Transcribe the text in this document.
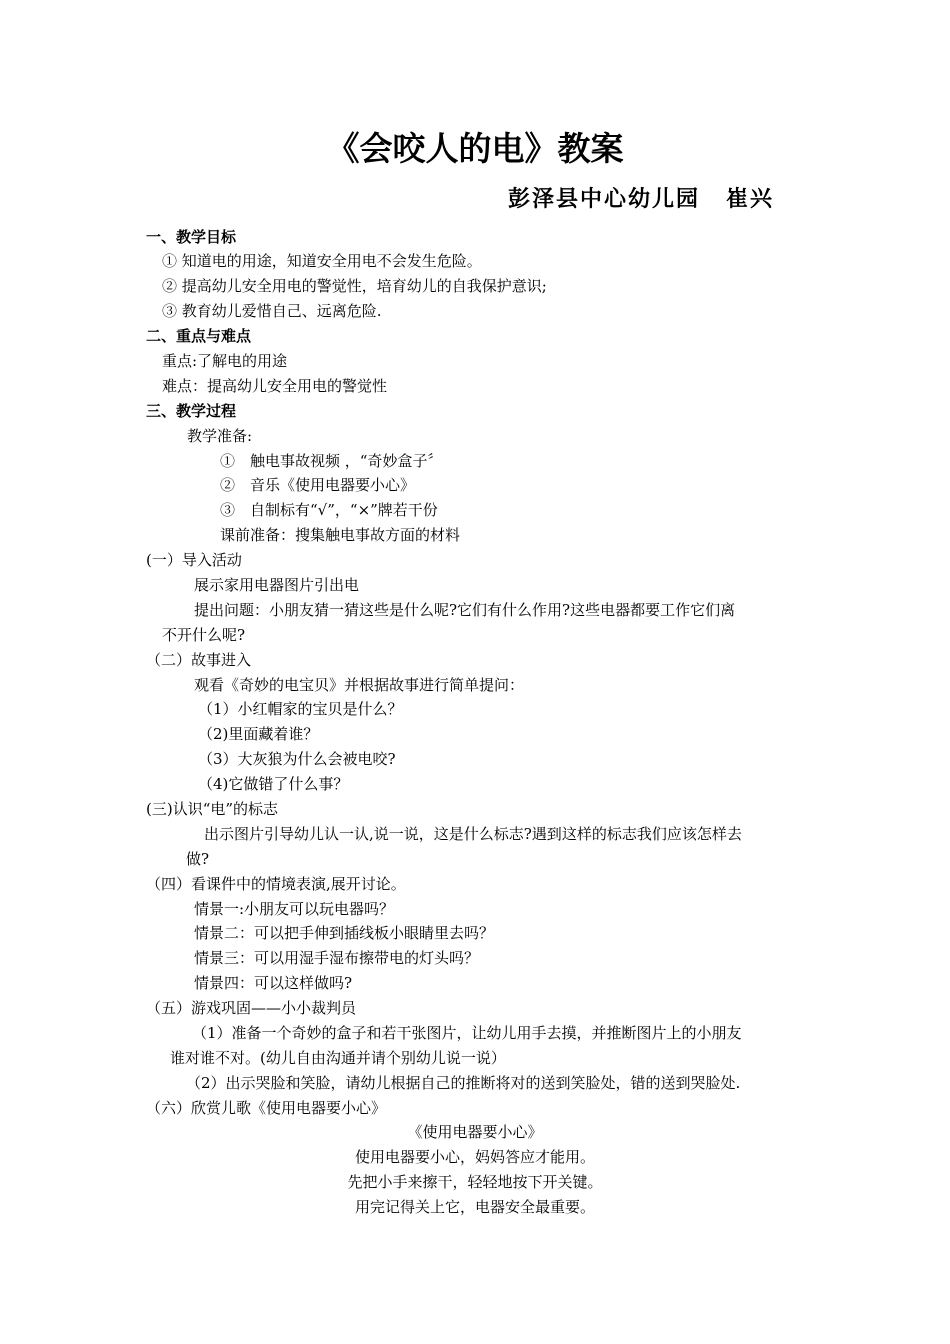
《会咬人的电》教案
彭泽县中心幼儿园 崔兴
一、教学目标
① 知道电的用途，知道安全用电不会发生危险。
② 提高幼儿安全用电的警觉性，培育幼儿的自我保护意识;
③ 教育幼儿爱惜自己、远离危险.
二、重点与难点
重点:了解电的用途
难点：提高幼儿安全用电的警觉性
三、教学过程
教学准备:
①　触电事故视频 ，“奇妙盒子〞
②　音乐《使用电器要小心》
③　自制标有“√”，“×”牌若干份
课前准备：搜集触电事故方面的材料
(一）导入活动
展示家用电器图片引出电
提出问题：小朋友猜一猜这些是什么呢?它们有什么作用?这些电器都要工作它们离
不开什么呢?
（二）故事进入
观看《奇妙的电宝贝》并根据故事进行简单提问：
（1）小红帽家的宝贝是什么？
（2)里面藏着谁？
（3）大灰狼为什么会被电咬?
（4)它做错了什么事？
(三)认识“电”的标志
出示图片引导幼儿认一认,说一说，这是什么标志?遇到这样的标志我们应该怎样去
做?
（四）看课件中的情境表演,展开讨论。
情景一:小朋友可以玩电器吗？
情景二：可以把手伸到插线板小眼睛里去吗？
情景三：可以用湿手湿布擦带电的灯头吗？
情景四：可以这样做吗?
（五）游戏巩固——小小裁判员
（1）准备一个奇妙的盒子和若干张图片，让幼儿用手去摸，并推断图片上的小朋友
谁对谁不对。(幼儿自由沟通并请个别幼儿说一说）
（2）出示哭脸和笑脸，请幼儿根据自己的推断将对的送到笑脸处，错的送到哭脸处.
（六）欣赏儿歌《使用电器要小心》
《使用电器要小心》
使用电器要小心，妈妈答应才能用。
先把小手来擦干，轻轻地按下开关键。
用完记得关上它，电器安全最重要。
